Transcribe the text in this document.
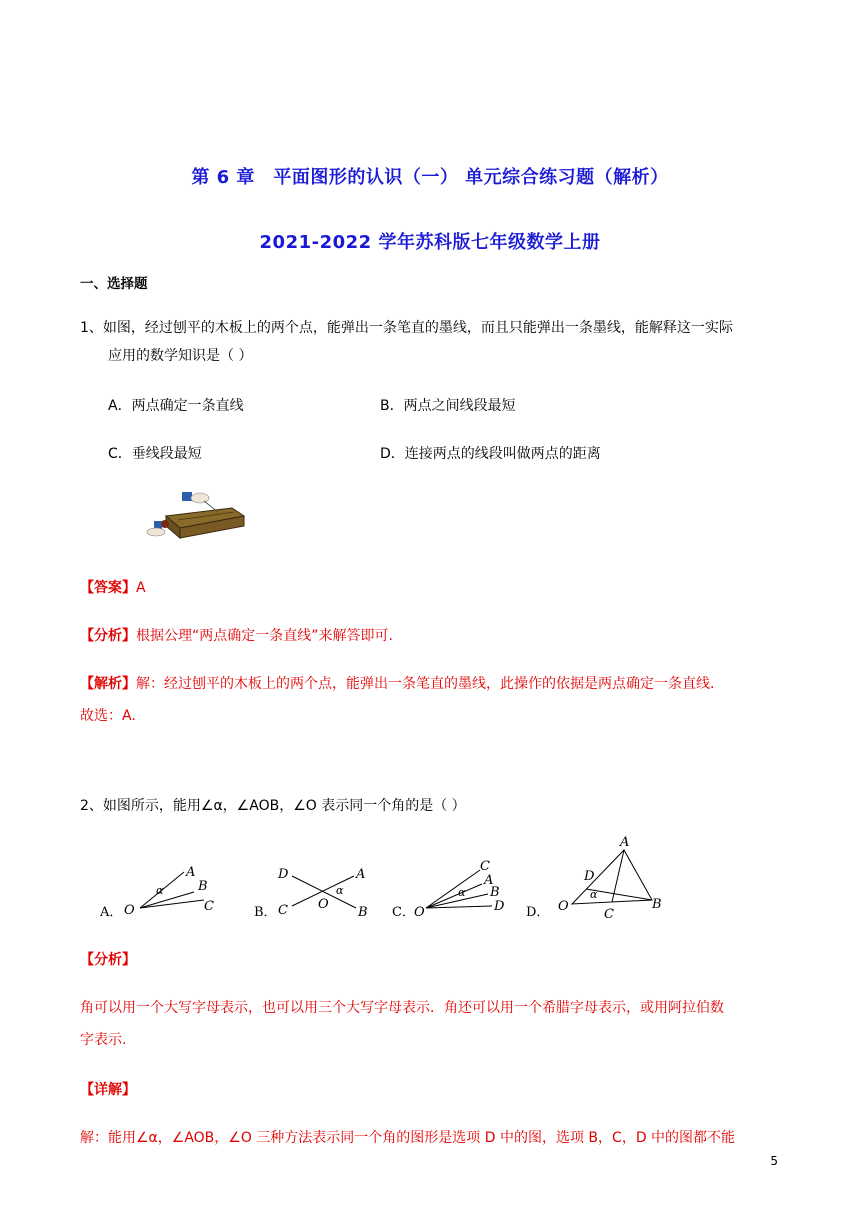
第 6 章　平面图形的认识（一） 单元综合练习题（解析）
2021-2022 学年苏科版七年级数学上册
一、选择题
1、如图，经过刨平的木板上的两个点，能弹出一条笔直的墨线，而且只能弹出一条墨线，能解释这一实际
应用的数学知识是（ ）
A．两点确定一条直线	B．两点之间线段最短
C．垂线段最短	D．连接两点的线段叫做两点的距离
【答案】A
【分析】根据公理“两点确定一条直线”来解答即可.
【解析】解：经过刨平的木板上的两个点，能弹出一条笔直的墨线，此操作的依据是两点确定一条直线.
故选：A.
2、如图所示，能用∠α，∠AOB，∠O 表示同一个角的是（ ）
A． O
A
B
C
α
B．
D
C
A
B
O
α
C． O
C
A
B
D
α
D． O
A
B
C
D
α
【分析】
角可以用一个大写字母表示，也可以用三个大写字母表示．角还可以用一个希腊字母表示，或用阿拉伯数
字表示.
【详解】
解：能用∠α，∠AOB，∠O 三种方法表示同一个角的图形是选项 D 中的图，选项 B，C，D 中的图都不能
5
